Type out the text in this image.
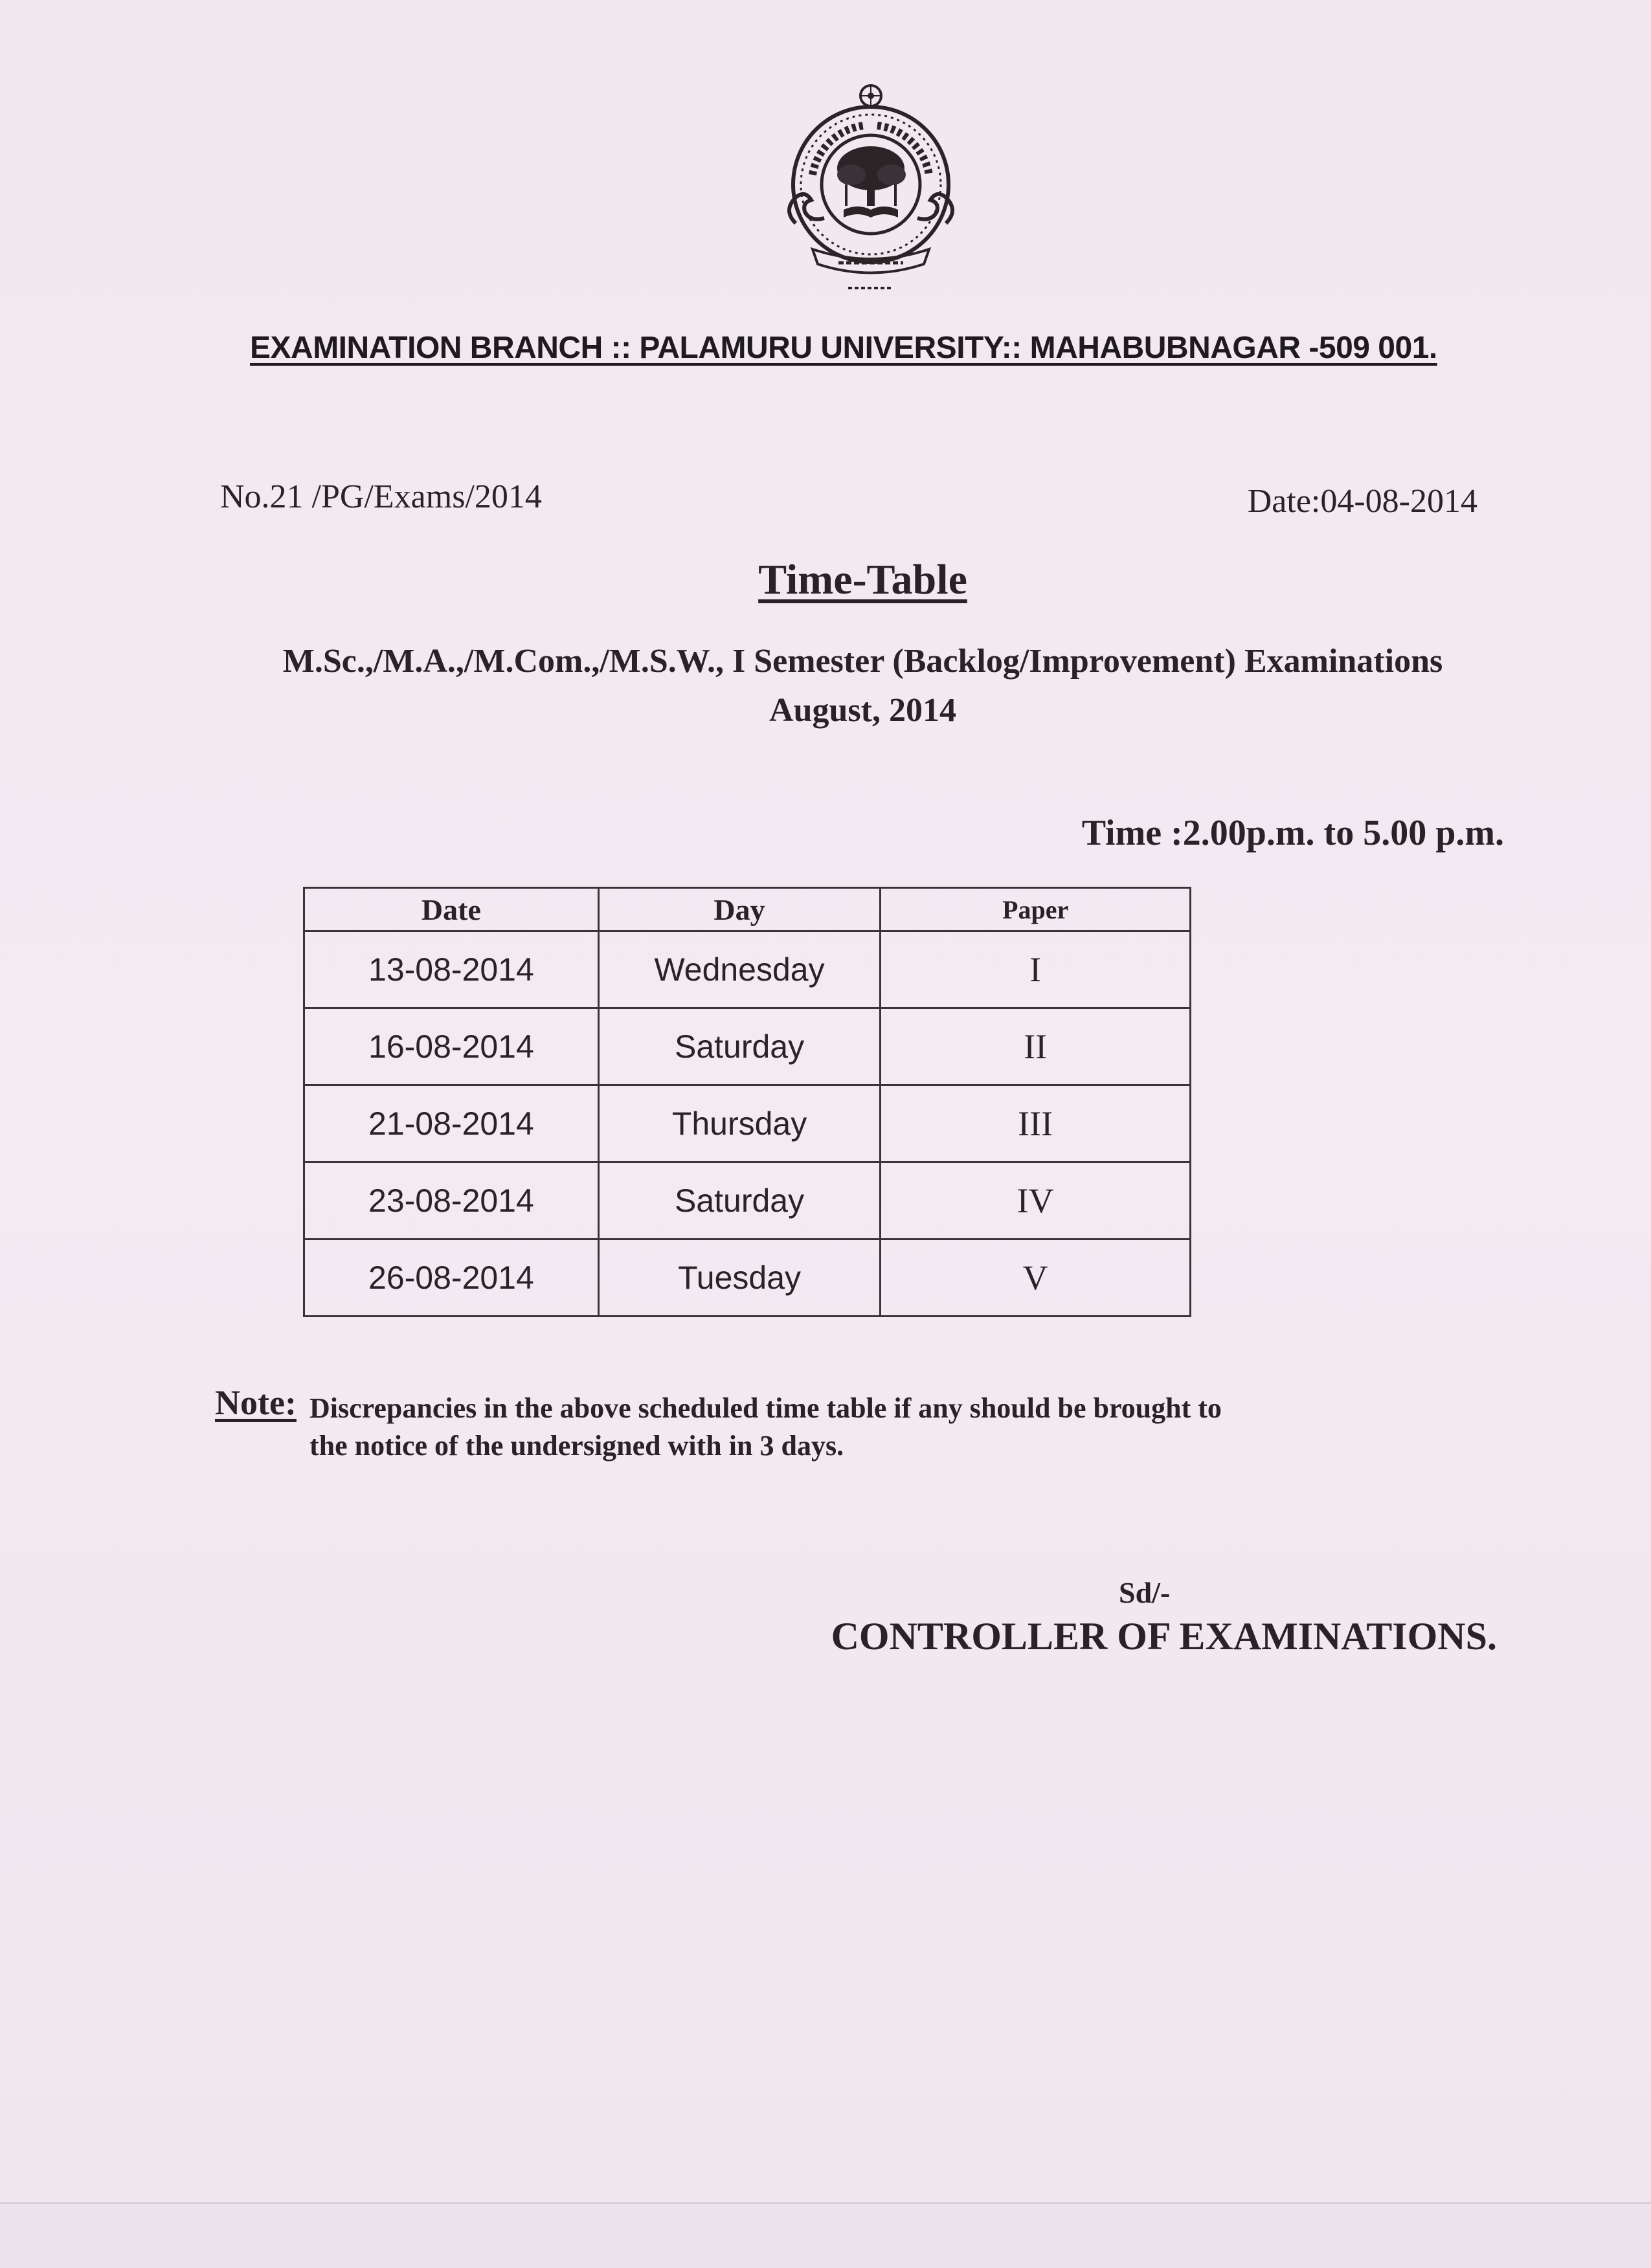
EXAMINATION BRANCH :: PALAMURU UNIVERSITY:: MAHABUBNAGAR -509 001.
No.21 /PG/Exams/2014	Date:04-08-2014
Time-Table
M.Sc.,/M.A.,/M.Com.,/M.S.W., I Semester (Backlog/Improvement) Examinations
August, 2014
Time :2.00p.m. to 5.00 p.m.
Date	Day	Paper
13-08-2014	Wednesday	I
16-08-2014	Saturday	II
21-08-2014	Thursday	III
23-08-2014	Saturday	IV
26-08-2014	Tuesday	V
Note: Discrepancies in the above scheduled time table if any should be brought to
the notice of the undersigned with in 3 days.
Sd/-
CONTROLLER OF EXAMINATIONS.
